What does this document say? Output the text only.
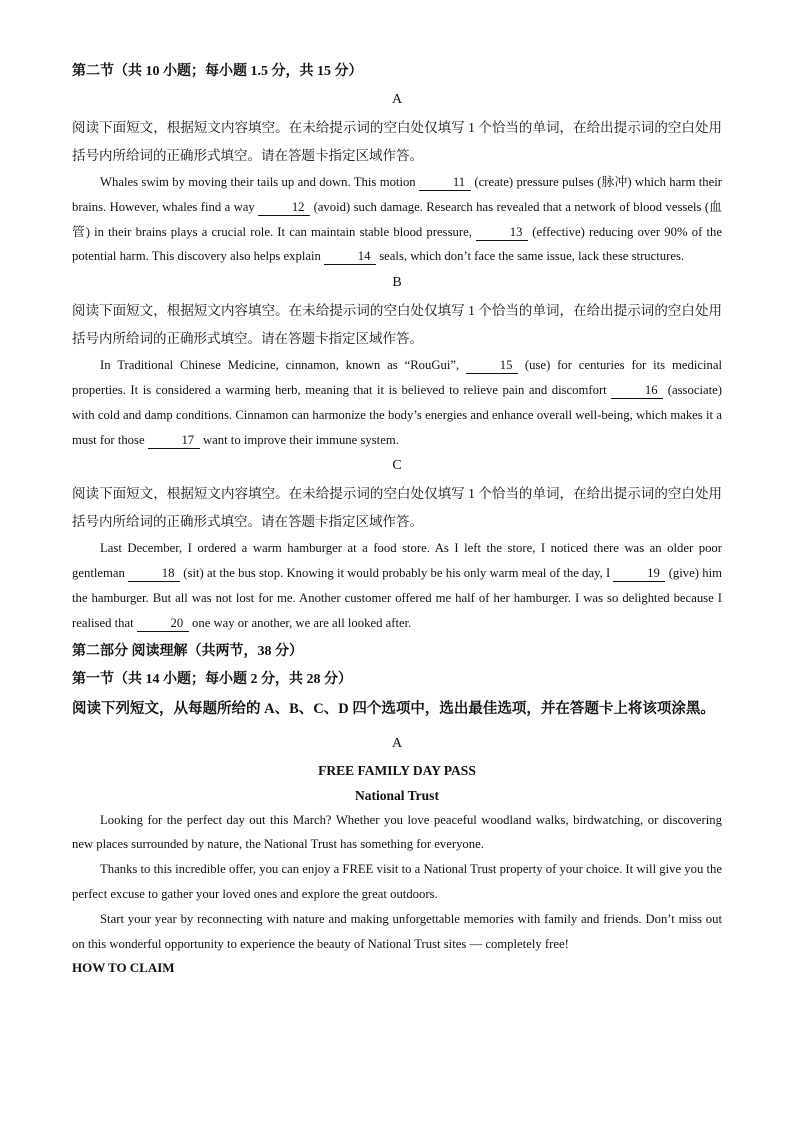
第二节（共 10 小题；每小题 1.5 分，共 15 分）
A

阅读下面短文，根据短文内容填空。在未给提示词的空白处仅填写 1 个恰当的单词，在给出提示词的空白处用括号内所给词的正确形式填空。请在答题卡指定区域作答。

Whales swim by moving their tails up and down. This motion	11 (create) pressure pulses (脉冲) which harm their brains. However, whales find a way	12 (avoid) such damage. Research has revealed that a network of blood vessels (血管) in their brains plays a crucial role. It can maintain stable blood pressure,	13 (effective) reducing over 90% of the potential harm. This discovery also helps explain	14 seals, which don’t face the same issue, lack these structures.

B

阅读下面短文，根据短文内容填空。在未给提示词的空白处仅填写 1 个恰当的单词，在给出提示词的空白处用括号内所给词的正确形式填空。请在答题卡指定区域作答。

In Traditional Chinese Medicine, cinnamon, known as “RouGui”,	15 (use) for centuries for its medicinal properties. It is considered a warming herb, meaning that it is believed to relieve pain and discomfort	16 (associate) with cold and damp conditions. Cinnamon can harmonize the body’s energies and enhance overall well-being, which makes it a must for those	17 want to improve their immune system.

C

阅读下面短文，根据短文内容填空。在未给提示词的空白处仅填写 1 个恰当的单词，在给出提示词的空白处用括号内所给词的正确形式填空。请在答题卡指定区域作答。

Last December, I ordered a warm hamburger at a food store. As I left the store, I noticed there was an older poor gentleman	18 (sit) at the bus stop. Knowing it would probably be his only warm meal of the day, I	19 (give) him the hamburger. But all was not lost for me. Another customer offered me half of her hamburger. I was so delighted because I realised that	20 one way or another, we are all looked after.

第二部分 阅读理解（共两节，38 分）
第一节（共 14 小题；每小题 2 分，共 28 分）
阅读下列短文，从每题所给的 A、B、C、D 四个选项中，选出最佳选项，并在答题卡上将该项涂黑。
A
FREE FAMILY DAY PASS
National Trust

Looking for the perfect day out this March? Whether you love peaceful woodland walks, birdwatching, or discovering new places surrounded by nature, the National Trust has something for everyone.

Thanks to this incredible offer, you can enjoy a FREE visit to a National Trust property of your choice. It will give you the perfect excuse to gather your loved ones and explore the great outdoors.

Start your year by reconnecting with nature and making unforgettable memories with family and friends. Don’t miss out on this wonderful opportunity to experience the beauty of National Trust sites — completely free!

HOW TO CLAIM
